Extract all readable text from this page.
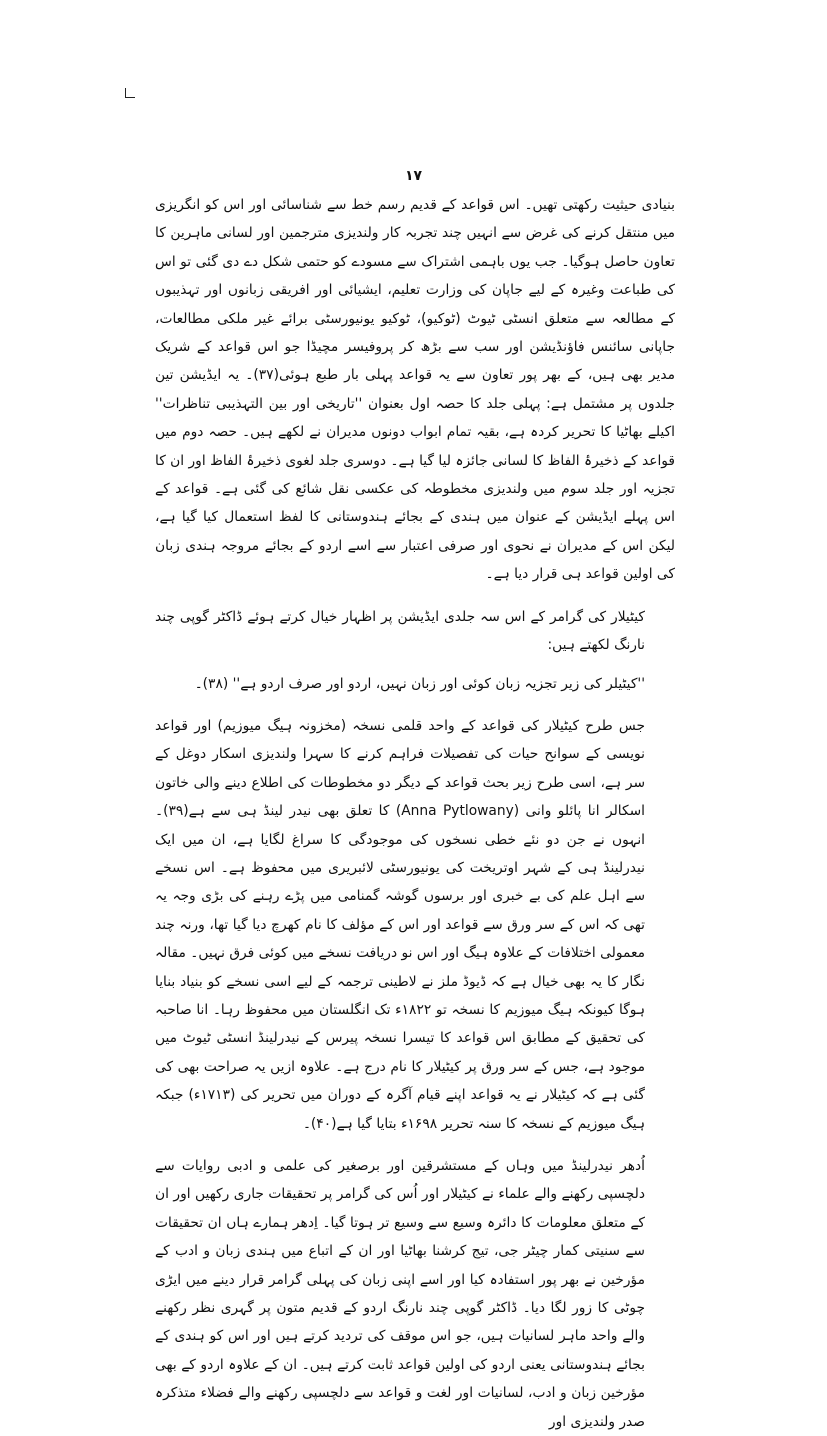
۱۷

بنیادی حیثیت رکھتی تھیں۔ اس قواعد کے قدیم رسم خط سے شناسائی اور اس کو انگریزی میں منتقل کرنے کی غرض سے انہیں چند تجربہ کار ولندیزی مترجمین اور لسانی ماہرین کا تعاون حاصل ہوگیا۔ جب یوں باہمی اشتراک سے مسودے کو حتمی شکل دے دی گئی تو اس کی طباعت وغیرہ کے لیے جاپان کی وزارت تعلیم، ایشیائی اور افریقی زبانوں اور تہذیبوں کے مطالعہ سے متعلق انسٹی ٹیوٹ (ٹوکیو)، ٹوکیو یونیورسٹی برائے غیر ملکی مطالعات، جاپانی سائنس فاؤنڈیشن اور سب سے بڑھ کر پروفیسر مچیڈا جو اس قواعد کے شریک مدیر بھی ہیں، کے بھر پور تعاون سے یہ قواعد پہلی بار طبع ہوئی(۳۷)۔ یہ ایڈیشن تین جلدوں پر مشتمل ہے: پہلی جلد کا حصہ اول بعنوان ''تاریخی اور بین التہذیبی تناظرات'' اکیلے بھاٹیا کا تحریر کردہ ہے، بقیہ تمام ابواب دونوں مدیران نے لکھے ہیں۔ حصہ دوم میں قواعد کے ذخیرۂ الفاظ کا لسانی جائزہ لیا گیا ہے۔ دوسری جلد لغوی ذخیرۂ الفاظ اور ان کا تجزیہ اور جلد سوم میں ولندیزی مخطوطہ کی عکسی نقل شائع کی گئی ہے۔ قواعد کے اس پہلے ایڈیشن کے عنوان میں ہندی کے بجائے ہندوستانی کا لفظ استعمال کیا گیا ہے، لیکن اس کے مدیران نے نحوی اور صرفی اعتبار سے اسے اردو کے بجائے مروجہ ہندی زبان کی اولین قواعد ہی قرار دیا ہے۔

کیٹیلار کی گرامر کے اس سہ جلدی ایڈیشن پر اظہار خیال کرتے ہوئے ڈاکٹر گوپی چند نارنگ لکھتے ہیں:

''کیٹیلر کی زیر تجزیہ زبان کوئی اور زبان نہیں، اردو اور صرف اردو ہے'' (۳۸)۔

جس طرح کیٹیلار کی قواعد کے واحد قلمی نسخہ (مخزونہ ہیگ میوزیم) اور قواعد نویسی کے سوانح حیات کی تفصیلات فراہم کرنے کا سہرا ولندیزی اسکار دوغل کے سر ہے، اسی طرح زیر بحث قواعد کے دیگر دو مخطوطات کی اطلاع دینے والی خاتون اسکالر انا پائلو وانی (Anna Pytlowany) کا تعلق بھی نیدر لینڈ ہی سے ہے(۳۹)۔ انہوں نے جن دو نئے خطی نسخوں کی موجودگی کا سراغ لگایا ہے، ان میں ایک نیدرلینڈ ہی کے شہر اوتریخت کی یونیورسٹی لائبریری میں محفوظ ہے۔ اس نسخے سے اہل علم کی بے خبری اور برسوں گوشہ گمنامی میں پڑے رہنے کی بڑی وجہ یہ تھی کہ اس کے سر ورق سے قواعد اور اس کے مؤلف کا نام کھرچ دیا گیا تھا، ورنہ چند معمولی اختلافات کے علاوہ ہیگ اور اس نو دریافت نسخے میں کوئی فرق نہیں۔ مقالہ نگار کا یہ بھی خیال ہے کہ ڈیوڈ ملز نے لاطینی ترجمہ کے لیے اسی نسخے کو بنیاد بنایا ہوگا کیونکہ ہیگ میوزیم کا نسخہ تو ۱۸۲۲ء تک انگلستان میں محفوظ رہا۔ انا صاحبہ کی تحقیق کے مطابق اس قواعد کا تیسرا نسخہ پیرس کے نیدرلینڈ انسٹی ٹیوٹ میں موجود ہے، جس کے سر ورق پر کیٹیلار کا نام درج ہے۔ علاوہ ازیں یہ صراحت بھی کی گئی ہے کہ کیٹیلار نے یہ قواعد اپنے قیام آگرہ کے دوران میں تحریر کی (۱۷۱۳ء) جبکہ ہیگ میوزیم کے نسخہ کا سنہ تحریر ۱۶۹۸ء بتایا گیا ہے(۴۰)۔

اُدھر نیدرلینڈ میں وہاں کے مستشرقین اور برصغیر کی علمی و ادبی روایات سے دلچسپی رکھنے والے علماء نے کیٹیلار اور اُس کی گرامر پر تحقیقات جاری رکھیں اور ان کے متعلق معلومات کا دائرہ وسیع سے وسیع تر ہوتا گیا۔ اِدھر ہمارے ہاں ان تحقیقات سے سنیتی کمار چیٹر جی، تیج کرشنا بھاٹیا اور ان کے اتباع میں ہندی زبان و ادب کے مؤرخین نے بھر پور استفادہ کیا اور اسے اپنی زبان کی پہلی گرامر قرار دینے میں ایڑی چوٹی کا زور لگا دیا۔ ڈاکٹر گوپی چند نارنگ اردو کے قدیم متون پر گہری نظر رکھنے والے واحد ماہر لسانیات ہیں، جو اس موقف کی تردید کرتے ہیں اور اس کو ہندی کے بجائے ہندوستانی یعنی اردو کی اولین قواعد ثابت کرتے ہیں۔ ان کے علاوہ اردو کے بھی مؤرخین زبان و ادب، لسانیات اور لغت و قواعد سے دلچسپی رکھنے والے فضلاء متذکرہ صدر ولندیزی اور
